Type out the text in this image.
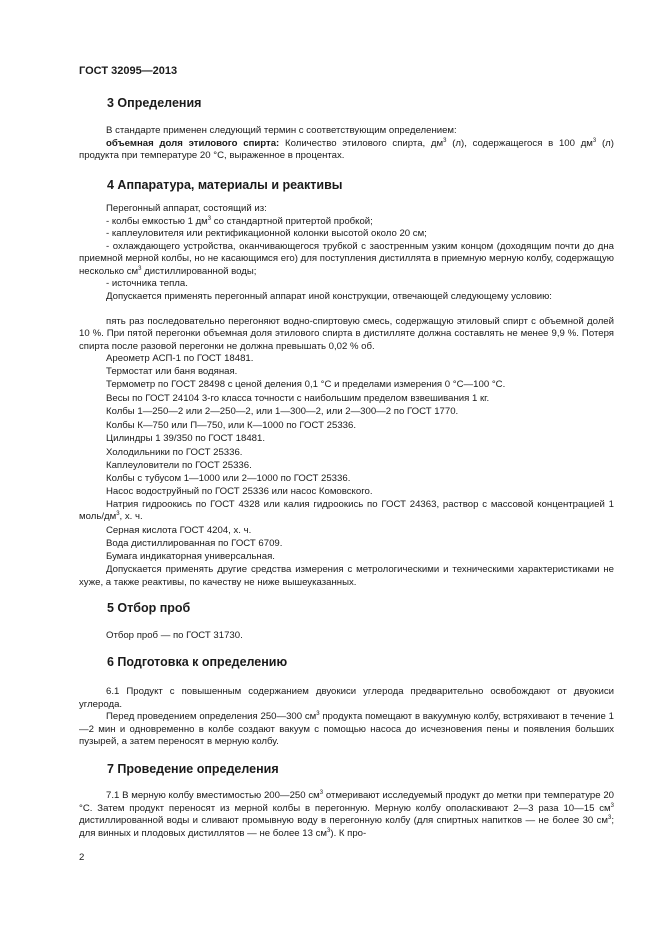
ГОСТ 32095—2013
3 Определения

В стандарте применен следующий термин с соответствующим определением:

объемная доля этилового спирта: Количество этилового спирта, $дм^3$ (л), содержащегося в 100 $дм^3$ (л) продукта при температуре 20 °С, выраженное в процентах.

4 Аппаратура, материалы и реактивы

Перегонный аппарат, состоящий из:

- колбы емкостью 1 $дм^3$ со стандартной притертой пробкой;

- каплеуловителя или ректификационной колонки высотой около 20 см;

- охлаждающего устройства, оканчивающегося трубкой с заостренным узким концом (доходящим почти до дна приемной мерной колбы, но не касающимся его) для поступления дистиллята в приемную мерную колбу, содержащую несколько $см^3$ дистиллированной воды;

- источника тепла.

Допускается применять перегонный аппарат иной конструкции, отвечающей следующему условию:

пять раз последовательно перегоняют водно-спиртовую смесь, содержащую этиловый спирт с объемной долей 10 %. При пятой перегонки объемная доля этилового спирта в дистилляте должна составлять не менее 9,9 %. Потеря спирта после разовой перегонки не должна превышать 0,02 % об.

Ареометр АСП-1 по ГОСТ 18481.

Термостат или баня водяная.

Термометр по ГОСТ 28498 с ценой деления 0,1 °С и пределами измерения 0 °С—100 °С.

Весы по ГОСТ 24104 3-го класса точности с наибольшим пределом взвешивания 1 кг.

Колбы 1—250—2 или 2—250—2, или 1—300—2, или 2—300—2 по ГОСТ 1770.

Колбы К—750 или П—750, или К—1000 по ГОСТ 25336.

Цилиндры 1 39/350 по ГОСТ 18481.

Холодильники по ГОСТ 25336.

Каплеуловители по ГОСТ 25336.

Колбы с тубусом 1—1000 или 2—1000 по ГОСТ 25336.

Насос водоструйный по ГОСТ 25336 или насос Комовского.

Натрия гидроокись по ГОСТ 4328 или калия гидроокись по ГОСТ 24363, раствор с массовой концентрацией 1 моль/$дм^3$, х. ч.

Серная кислота ГОСТ 4204, х. ч.

Вода дистиллированная по ГОСТ 6709.

Бумага индикаторная универсальная.

Допускается применять другие средства измерения с метрологическими и техническими характеристиками не хуже, а также реактивы, по качеству не ниже вышеуказанных.

5 Отбор проб

Отбор проб — по ГОСТ 31730.

6 Подготовка к определению

6.1 Продукт с повышенным содержанием двуокиси углерода предварительно освобождают от двуокиси углерода.

Перед проведением определения 250—300 $см^3$ продукта помещают в вакуумную колбу, встряхивают в течение 1—2 мин и одновременно в колбе создают вакуум с помощью насоса до исчезновения пены и появления больших пузырей, а затем переносят в мерную колбу.

7 Проведение определения

7.1 В мерную колбу вместимостью 200—250 $см^3$ отмеривают исследуемый продукт до метки при температуре 20 °С. Затем продукт переносят из мерной колбы в перегонную. Мерную колбу ополаскивают 2—3 раза 10—15 $см^3$ дистиллированной воды и сливают промывную воду в перегонную колбу (для спиртных напитков — не более 30 $см^3$; для винных и плодовых дистиллятов — не более 13 $см^3$). К про-

2
